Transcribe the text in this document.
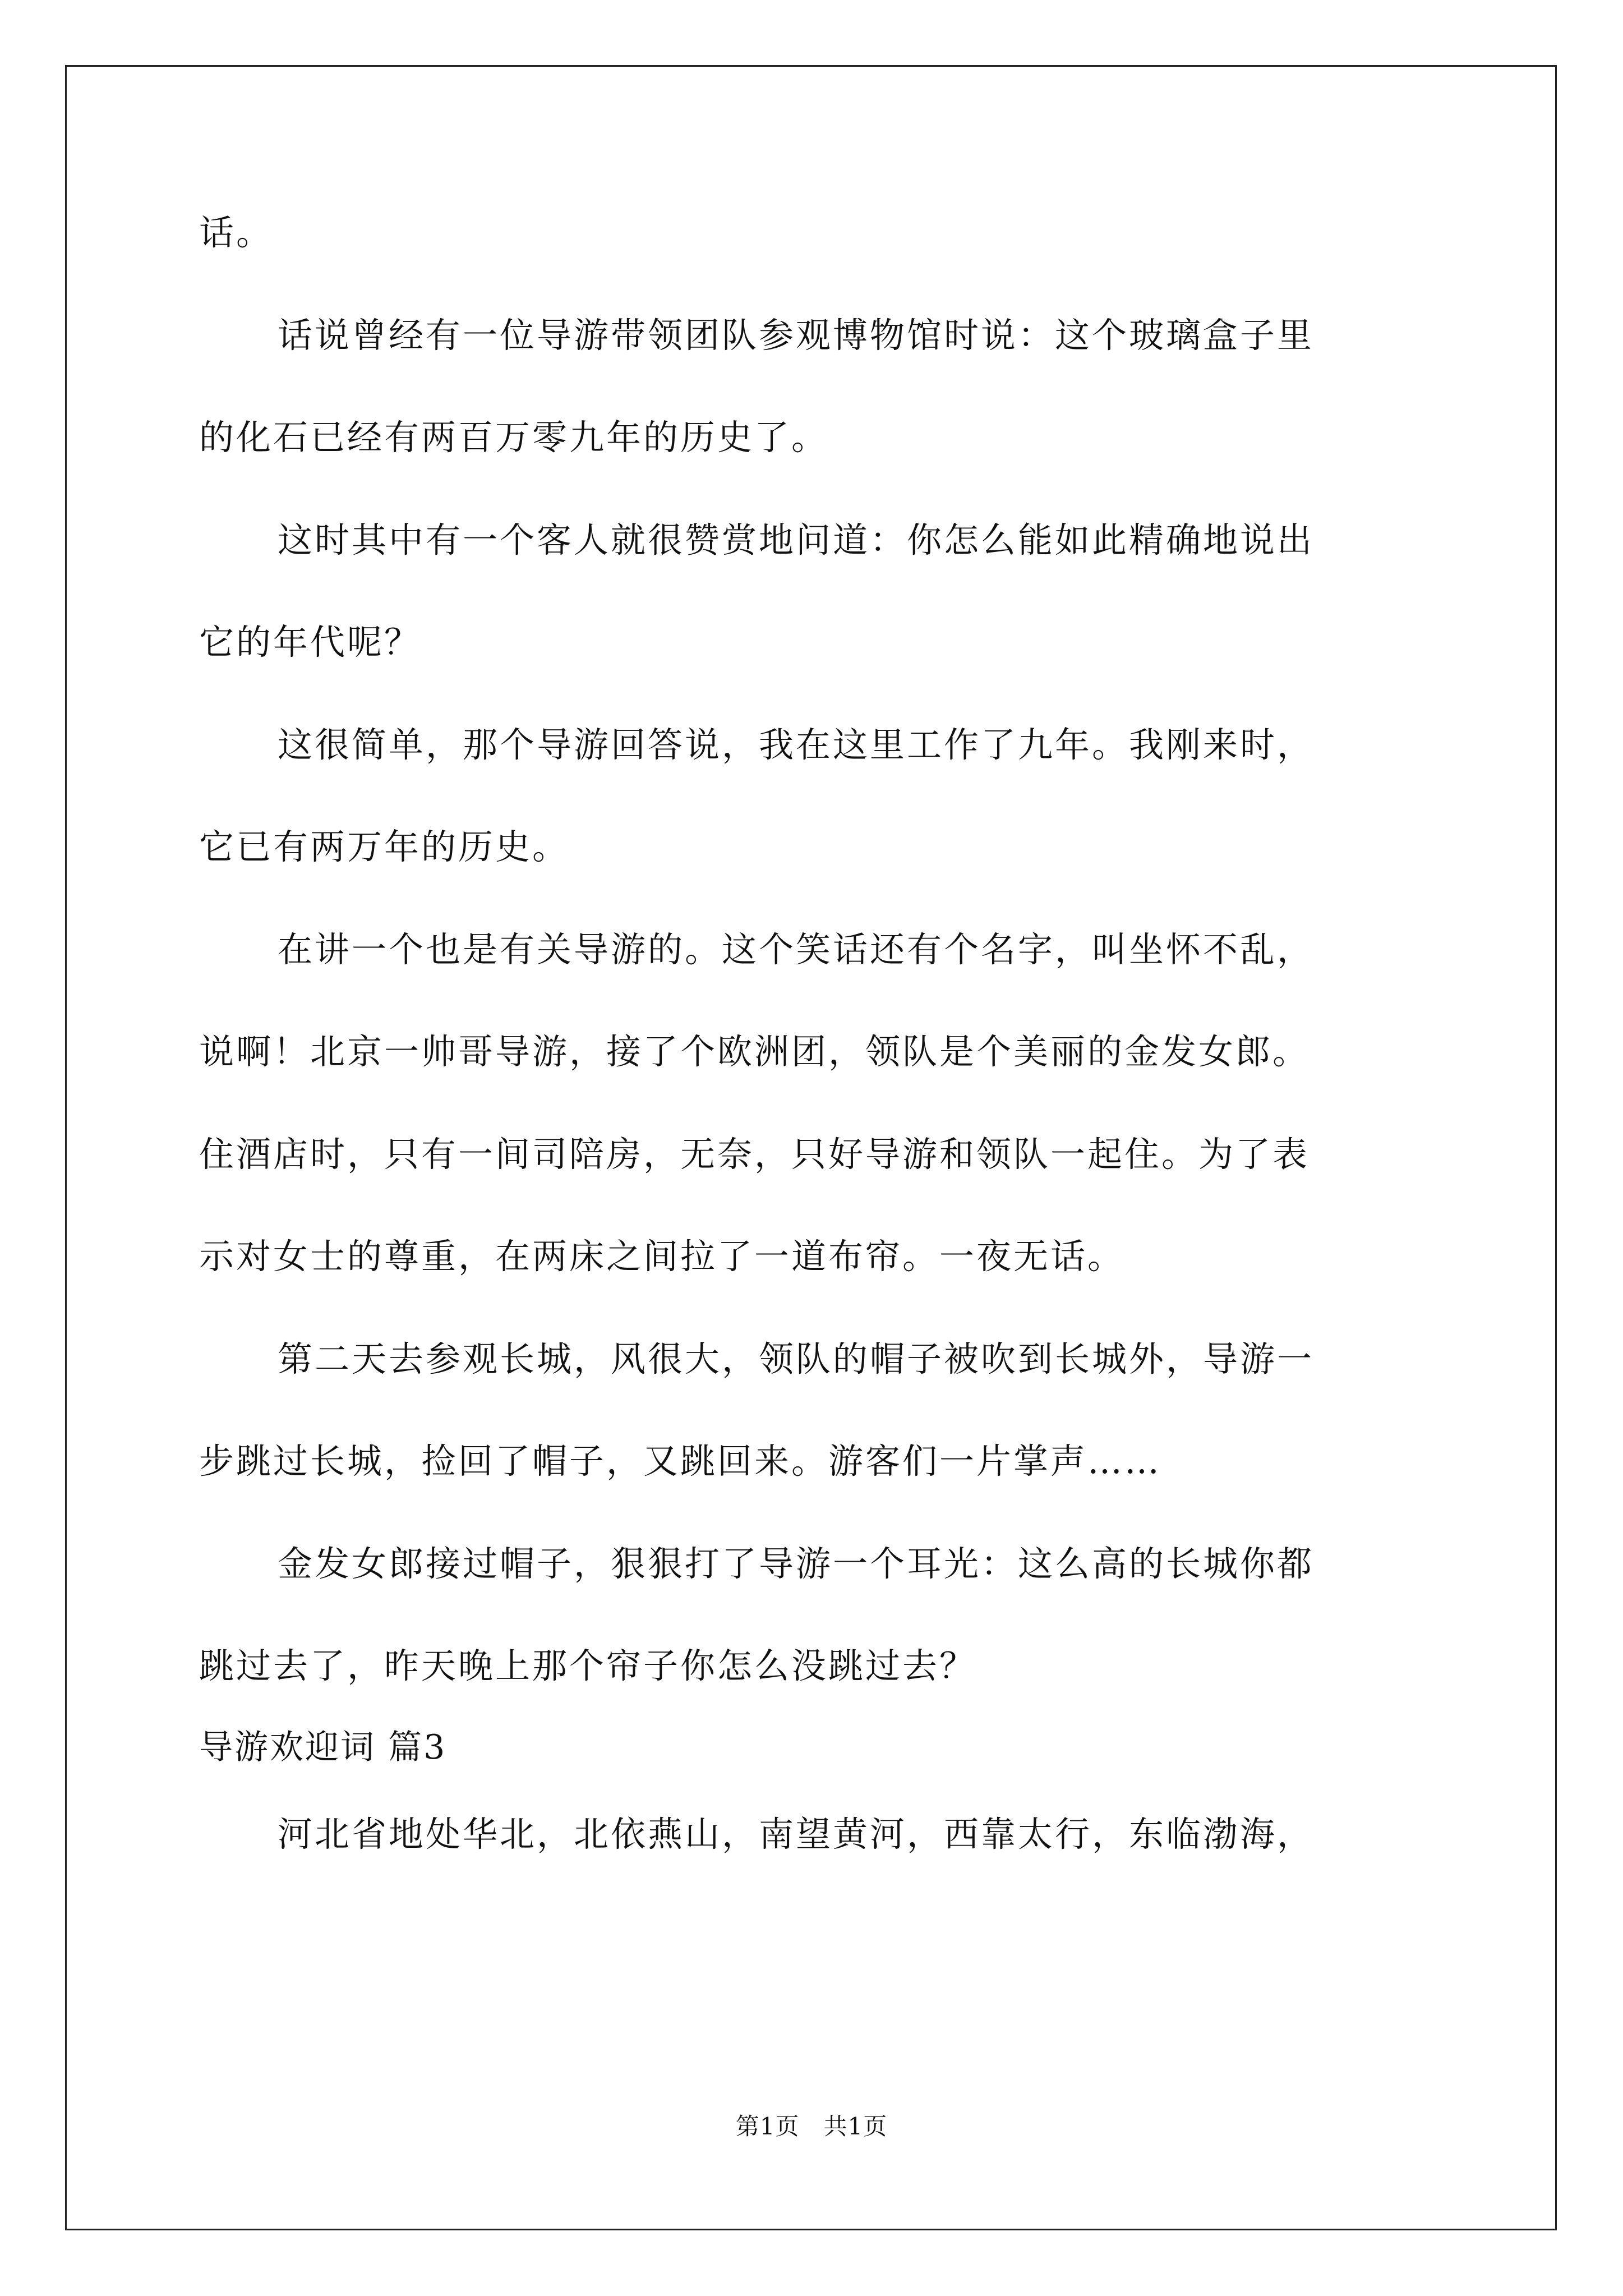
话。
话说曾经有一位导游带领团队参观博物馆时说：这个玻璃盒子里
的化石已经有两百万零九年的历史了。
这时其中有一个客人就很赞赏地问道：你怎么能如此精确地说出
它的年代呢？
这很简单，那个导游回答说，我在这里工作了九年。我刚来时，
它已有两万年的历史。
在讲一个也是有关导游的。这个笑话还有个名字，叫坐怀不乱，
说啊！北京一帅哥导游，接了个欧洲团，领队是个美丽的金发女郎。
住酒店时，只有一间司陪房，无奈，只好导游和领队一起住。为了表
示对女士的尊重，在两床之间拉了一道布帘。一夜无话。
第二天去参观长城，风很大，领队的帽子被吹到长城外，导游一
步跳过长城，捡回了帽子，又跳回来。游客们一片掌声……
金发女郎接过帽子，狠狠打了导游一个耳光：这么高的长城你都
跳过去了，昨天晚上那个帘子你怎么没跳过去？
导游欢迎词 篇3
河北省地处华北，北依燕山，南望黄河，西靠太行，东临渤海，
第1页　共1页
